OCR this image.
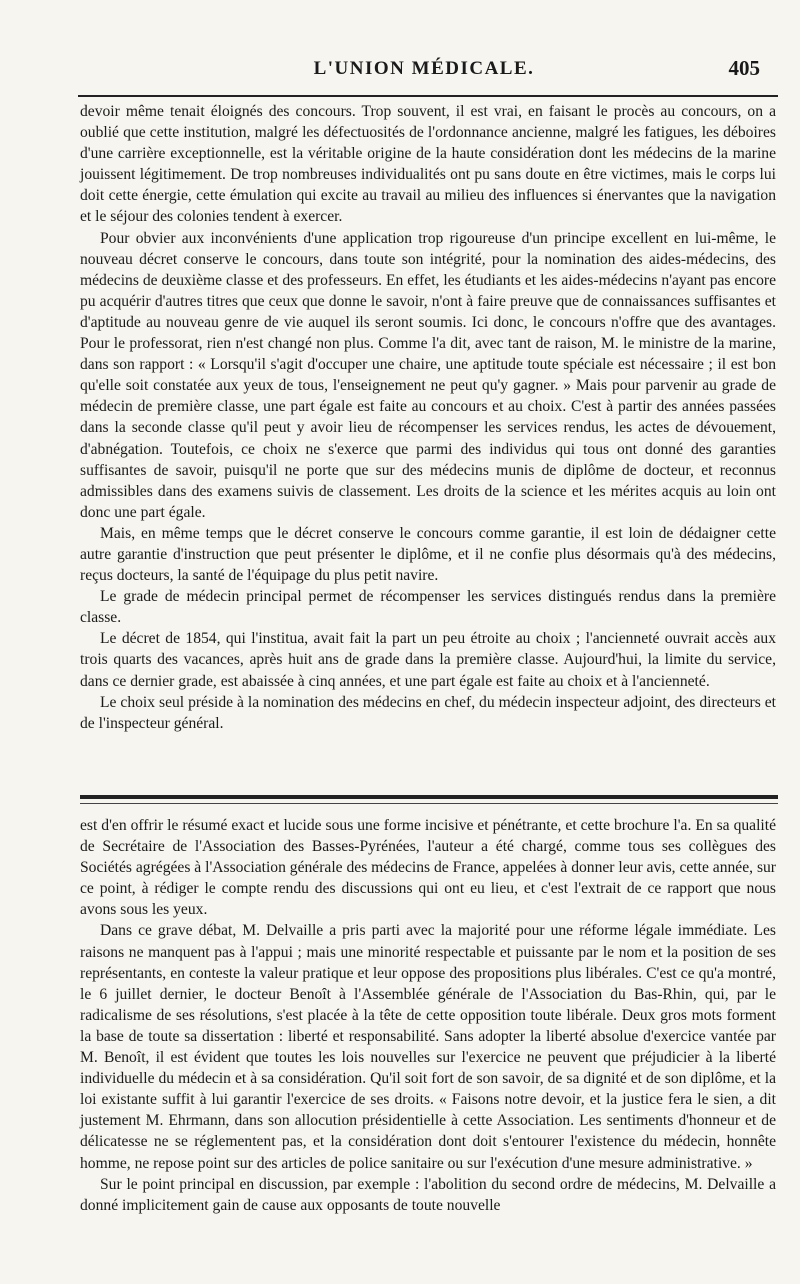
L'UNION MÉDICALE.	405

devoir même tenait éloignés des concours. Trop souvent, il est vrai, en faisant le procès au concours, on a oublié que cette institution, malgré les défectuosités de l'ordonnance ancienne, malgré les fatigues, les déboires d'une carrière exceptionnelle, est la véritable origine de la haute considération dont les médecins de la marine jouissent légitimement. De trop nombreuses individualités ont pu sans doute en être victimes, mais le corps lui doit cette énergie, cette émulation qui excite au travail au milieu des influences si énervantes que la navigation et le séjour des colonies tendent à exercer.

Pour obvier aux inconvénients d'une application trop rigoureuse d'un principe excellent en lui-même, le nouveau décret conserve le concours, dans toute son intégrité, pour la nomination des aides-médecins, des médecins de deuxième classe et des professeurs. En effet, les étudiants et les aides-médecins n'ayant pas encore pu acquérir d'autres titres que ceux que donne le savoir, n'ont à faire preuve que de connaissances suffisantes et d'aptitude au nouveau genre de vie auquel ils seront soumis. Ici donc, le concours n'offre que des avantages. Pour le professorat, rien n'est changé non plus. Comme l'a dit, avec tant de raison, M. le ministre de la marine, dans son rapport : « Lorsqu'il s'agit d'occuper une chaire, une aptitude toute spéciale est nécessaire ; il est bon qu'elle soit constatée aux yeux de tous, l'enseignement ne peut qu'y gagner. » Mais pour parvenir au grade de médecin de première classe, une part égale est faite au concours et au choix. C'est à partir des années passées dans la seconde classe qu'il peut y avoir lieu de récompenser les services rendus, les actes de dévouement, d'abnégation. Toutefois, ce choix ne s'exerce que parmi des individus qui tous ont donné des garanties suffisantes de savoir, puisqu'il ne porte que sur des médecins munis de diplôme de docteur, et reconnus admissibles dans des examens suivis de classement. Les droits de la science et les mérites acquis au loin ont donc une part égale.

Mais, en même temps que le décret conserve le concours comme garantie, il est loin de dédaigner cette autre garantie d'instruction que peut présenter le diplôme, et il ne confie plus désormais qu'à des médecins, reçus docteurs, la santé de l'équipage du plus petit navire.

Le grade de médecin principal permet de récompenser les services distingués rendus dans la première classe.

Le décret de 1854, qui l'institua, avait fait la part un peu étroite au choix ; l'ancienneté ouvrait accès aux trois quarts des vacances, après huit ans de grade dans la première classe. Aujourd'hui, la limite du service, dans ce dernier grade, est abaissée à cinq années, et une part égale est faite au choix et à l'ancienneté.

Le choix seul préside à la nomination des médecins en chef, du médecin inspecteur adjoint, des directeurs et de l'inspecteur général.

est d'en offrir le résumé exact et lucide sous une forme incisive et pénétrante, et cette brochure l'a. En sa qualité de Secrétaire de l'Association des Basses-Pyrénées, l'auteur a été chargé, comme tous ses collègues des Sociétés agrégées à l'Association générale des médecins de France, appelées à donner leur avis, cette année, sur ce point, à rédiger le compte rendu des discussions qui ont eu lieu, et c'est l'extrait de ce rapport que nous avons sous les yeux.

Dans ce grave débat, M. Delvaille a pris parti avec la majorité pour une réforme légale immédiate. Les raisons ne manquent pas à l'appui ; mais une minorité respectable et puissante par le nom et la position de ses représentants, en conteste la valeur pratique et leur oppose des propositions plus libérales. C'est ce qu'a montré, le 6 juillet dernier, le docteur Benoît à l'Assemblée générale de l'Association du Bas-Rhin, qui, par le radicalisme de ses résolutions, s'est placée à la tête de cette opposition toute libérale. Deux gros mots forment la base de toute sa dissertation : liberté et responsabilité. Sans adopter la liberté absolue d'exercice vantée par M. Benoît, il est évident que toutes les lois nouvelles sur l'exercice ne peuvent que préjudicier à la liberté individuelle du médecin et à sa considération. Qu'il soit fort de son savoir, de sa dignité et de son diplôme, et la loi existante suffit à lui garantir l'exercice de ses droits. « Faisons notre devoir, et la justice fera le sien, a dit justement M. Ehrmann, dans son allocution présidentielle à cette Association. Les sentiments d'honneur et de délicatesse ne se réglementent pas, et la considération dont doit s'entourer l'existence du médecin, honnête homme, ne repose point sur des articles de police sanitaire ou sur l'exécution d'une mesure administrative. »

Sur le point principal en discussion, par exemple : l'abolition du second ordre de médecins, M. Delvaille a donné implicitement gain de cause aux opposants de toute nouvelle
